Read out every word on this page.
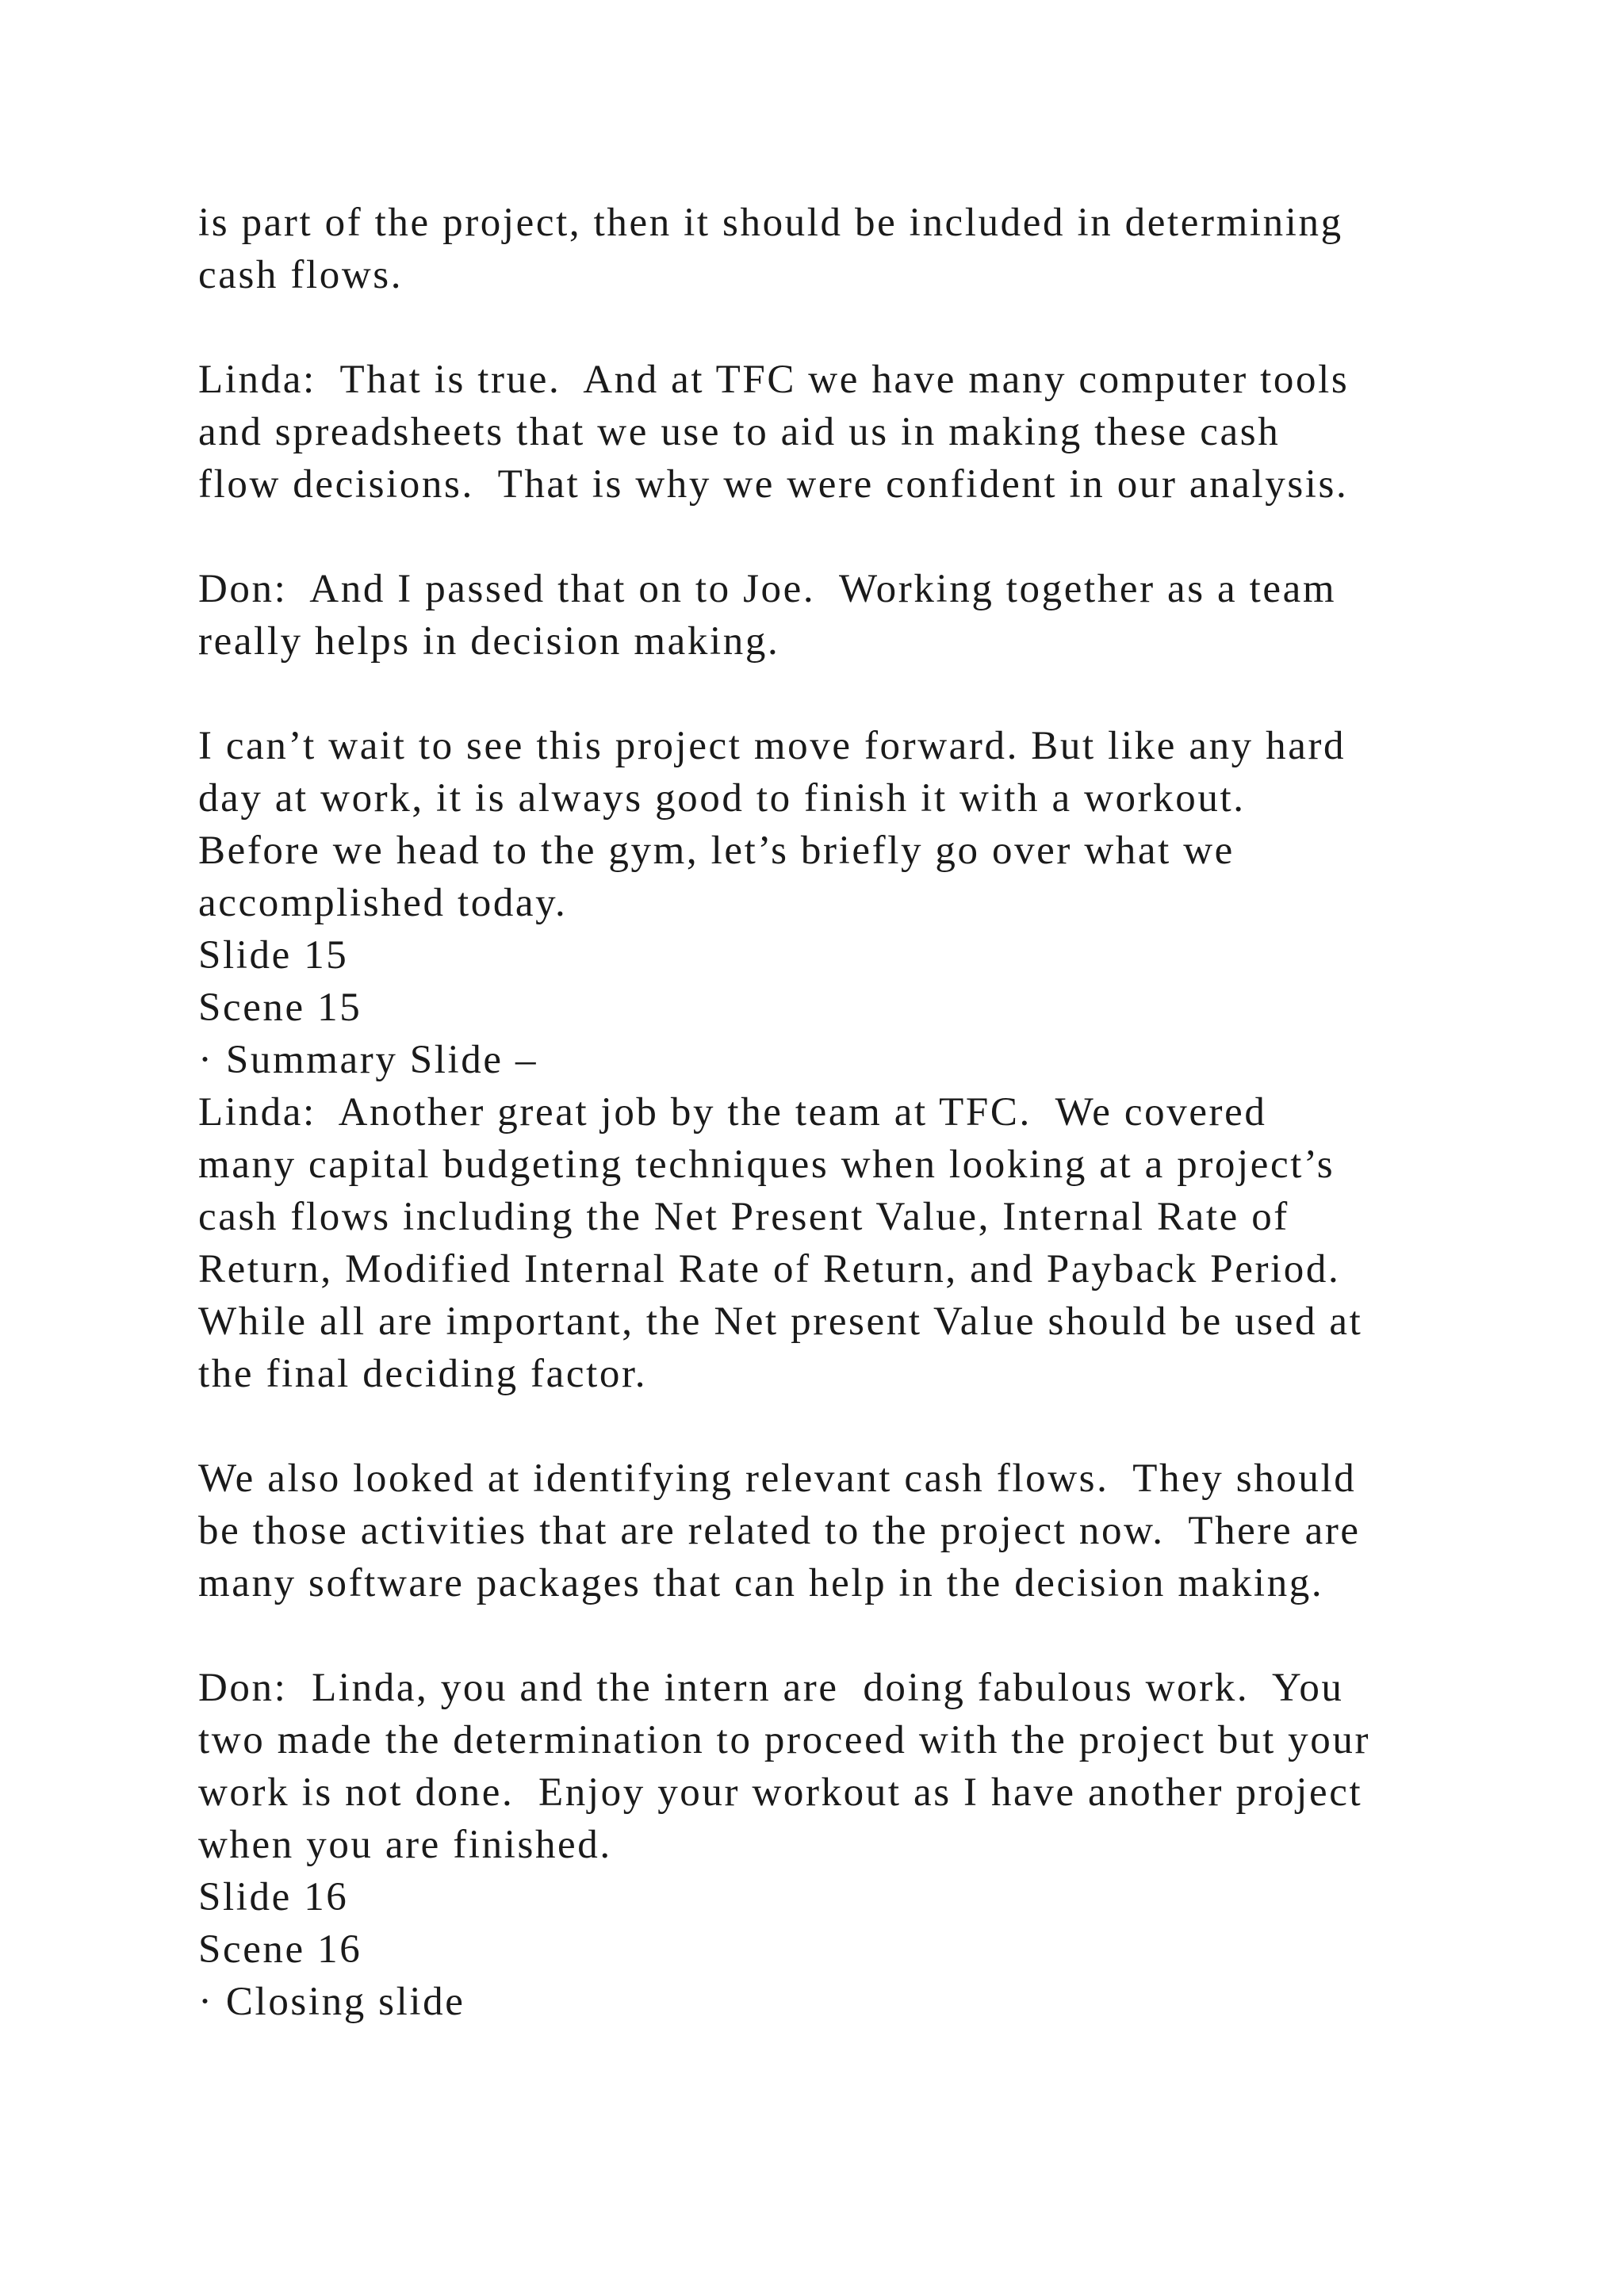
is part of the project, then it should be included in determining
cash flows.
Linda:  That is true.  And at TFC we have many computer tools
and spreadsheets that we use to aid us in making these cash
flow decisions.  That is why we were confident in our analysis.
Don:  And I passed that on to Joe.  Working together as a team
really helps in decision making.
I can’t wait to see this project move forward. But like any hard
day at work, it is always good to finish it with a workout.
Before we head to the gym, let’s briefly go over what we
accomplished today.
Slide 15
Scene 15
· Summary Slide –
Linda:  Another great job by the team at TFC.  We covered
many capital budgeting techniques when looking at a project’s
cash flows including the Net Present Value, Internal Rate of
Return, Modified Internal Rate of Return, and Payback Period.
While all are important, the Net present Value should be used at
the final deciding factor.
We also looked at identifying relevant cash flows.  They should
be those activities that are related to the project now.  There are
many software packages that can help in the decision making.
Don:  Linda, you and the intern are  doing fabulous work.  You
two made the determination to proceed with the project but your
work is not done.  Enjoy your workout as I have another project
when you are finished.
Slide 16
Scene 16
· Closing slide
